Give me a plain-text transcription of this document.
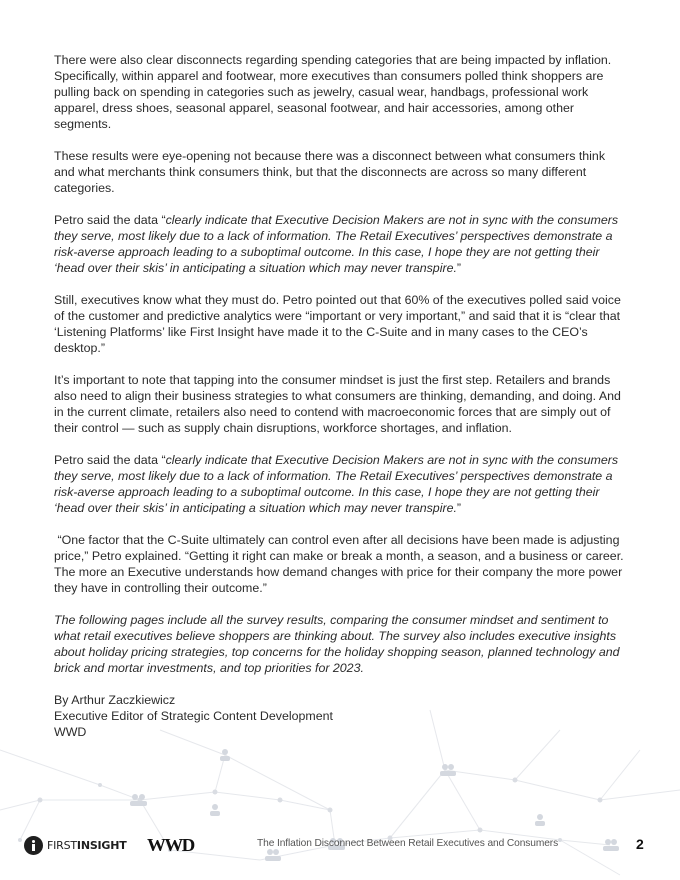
There were also clear disconnects regarding spending categories that are being impacted by inflation. Specifically, within apparel and footwear, more executives than consumers polled think shoppers are pulling back on spending in categories such as jewelry, casual wear, handbags, professional work apparel, dress shoes, seasonal apparel, seasonal footwear, and hair accessories, among other segments.

These results were eye-opening not because there was a disconnect between what consumers think and what merchants think consumers think, but that the disconnects are across so many different categories.

Petro said the data “clearly indicate that Executive Decision Makers are not in sync with the consumers they serve, most likely due to a lack of information. The Retail Executives’ perspectives demonstrate a risk-averse approach leading to a suboptimal outcome. In this case, I hope they are not getting their ‘head over their skis’ in anticipating a situation which may never transpire.”

Still, executives know what they must do. Petro pointed out that 60% of the executives polled said voice of the customer and predictive analytics were “important or very important,” and said that it is “clear that ‘Listening Platforms’ like First Insight have made it to the C-Suite and in many cases to the CEO’s desktop.”

It’s important to note that tapping into the consumer mindset is just the first step. Retailers and brands also need to align their business strategies to what consumers are thinking, demanding, and doing. And in the current climate, retailers also need to contend with macroeconomic forces that are simply out of their control — such as supply chain disruptions, workforce shortages, and inflation.

Petro said the data “clearly indicate that Executive Decision Makers are not in sync with the consumers they serve, most likely due to a lack of information. The Retail Executives’ perspectives demonstrate a risk-averse approach leading to a suboptimal outcome. In this case, I hope they are not getting their ‘head over their skis’ in anticipating a situation which may never transpire.”

“One factor that the C-Suite ultimately can control even after all decisions have been made is adjusting price,” Petro explained. “Getting it right can make or break a month, a season, and a business or career. The more an Executive understands how demand changes with price for their company the more power they have in controlling their outcome.”

The following pages include all the survey results, comparing the consumer mindset and sentiment to what retail executives believe shoppers are thinking about. The survey also includes executive insights about holiday pricing strategies, top concerns for the holiday shopping season, planned technology and brick and mortar investments, and top priorities for 2023.

By Arthur Zaczkiewicz
Executive Editor of Strategic Content Development
WWD
FIRSTINSIGHT WWD	The Inflation Disconnect Between Retail Executives and Consumers	2
